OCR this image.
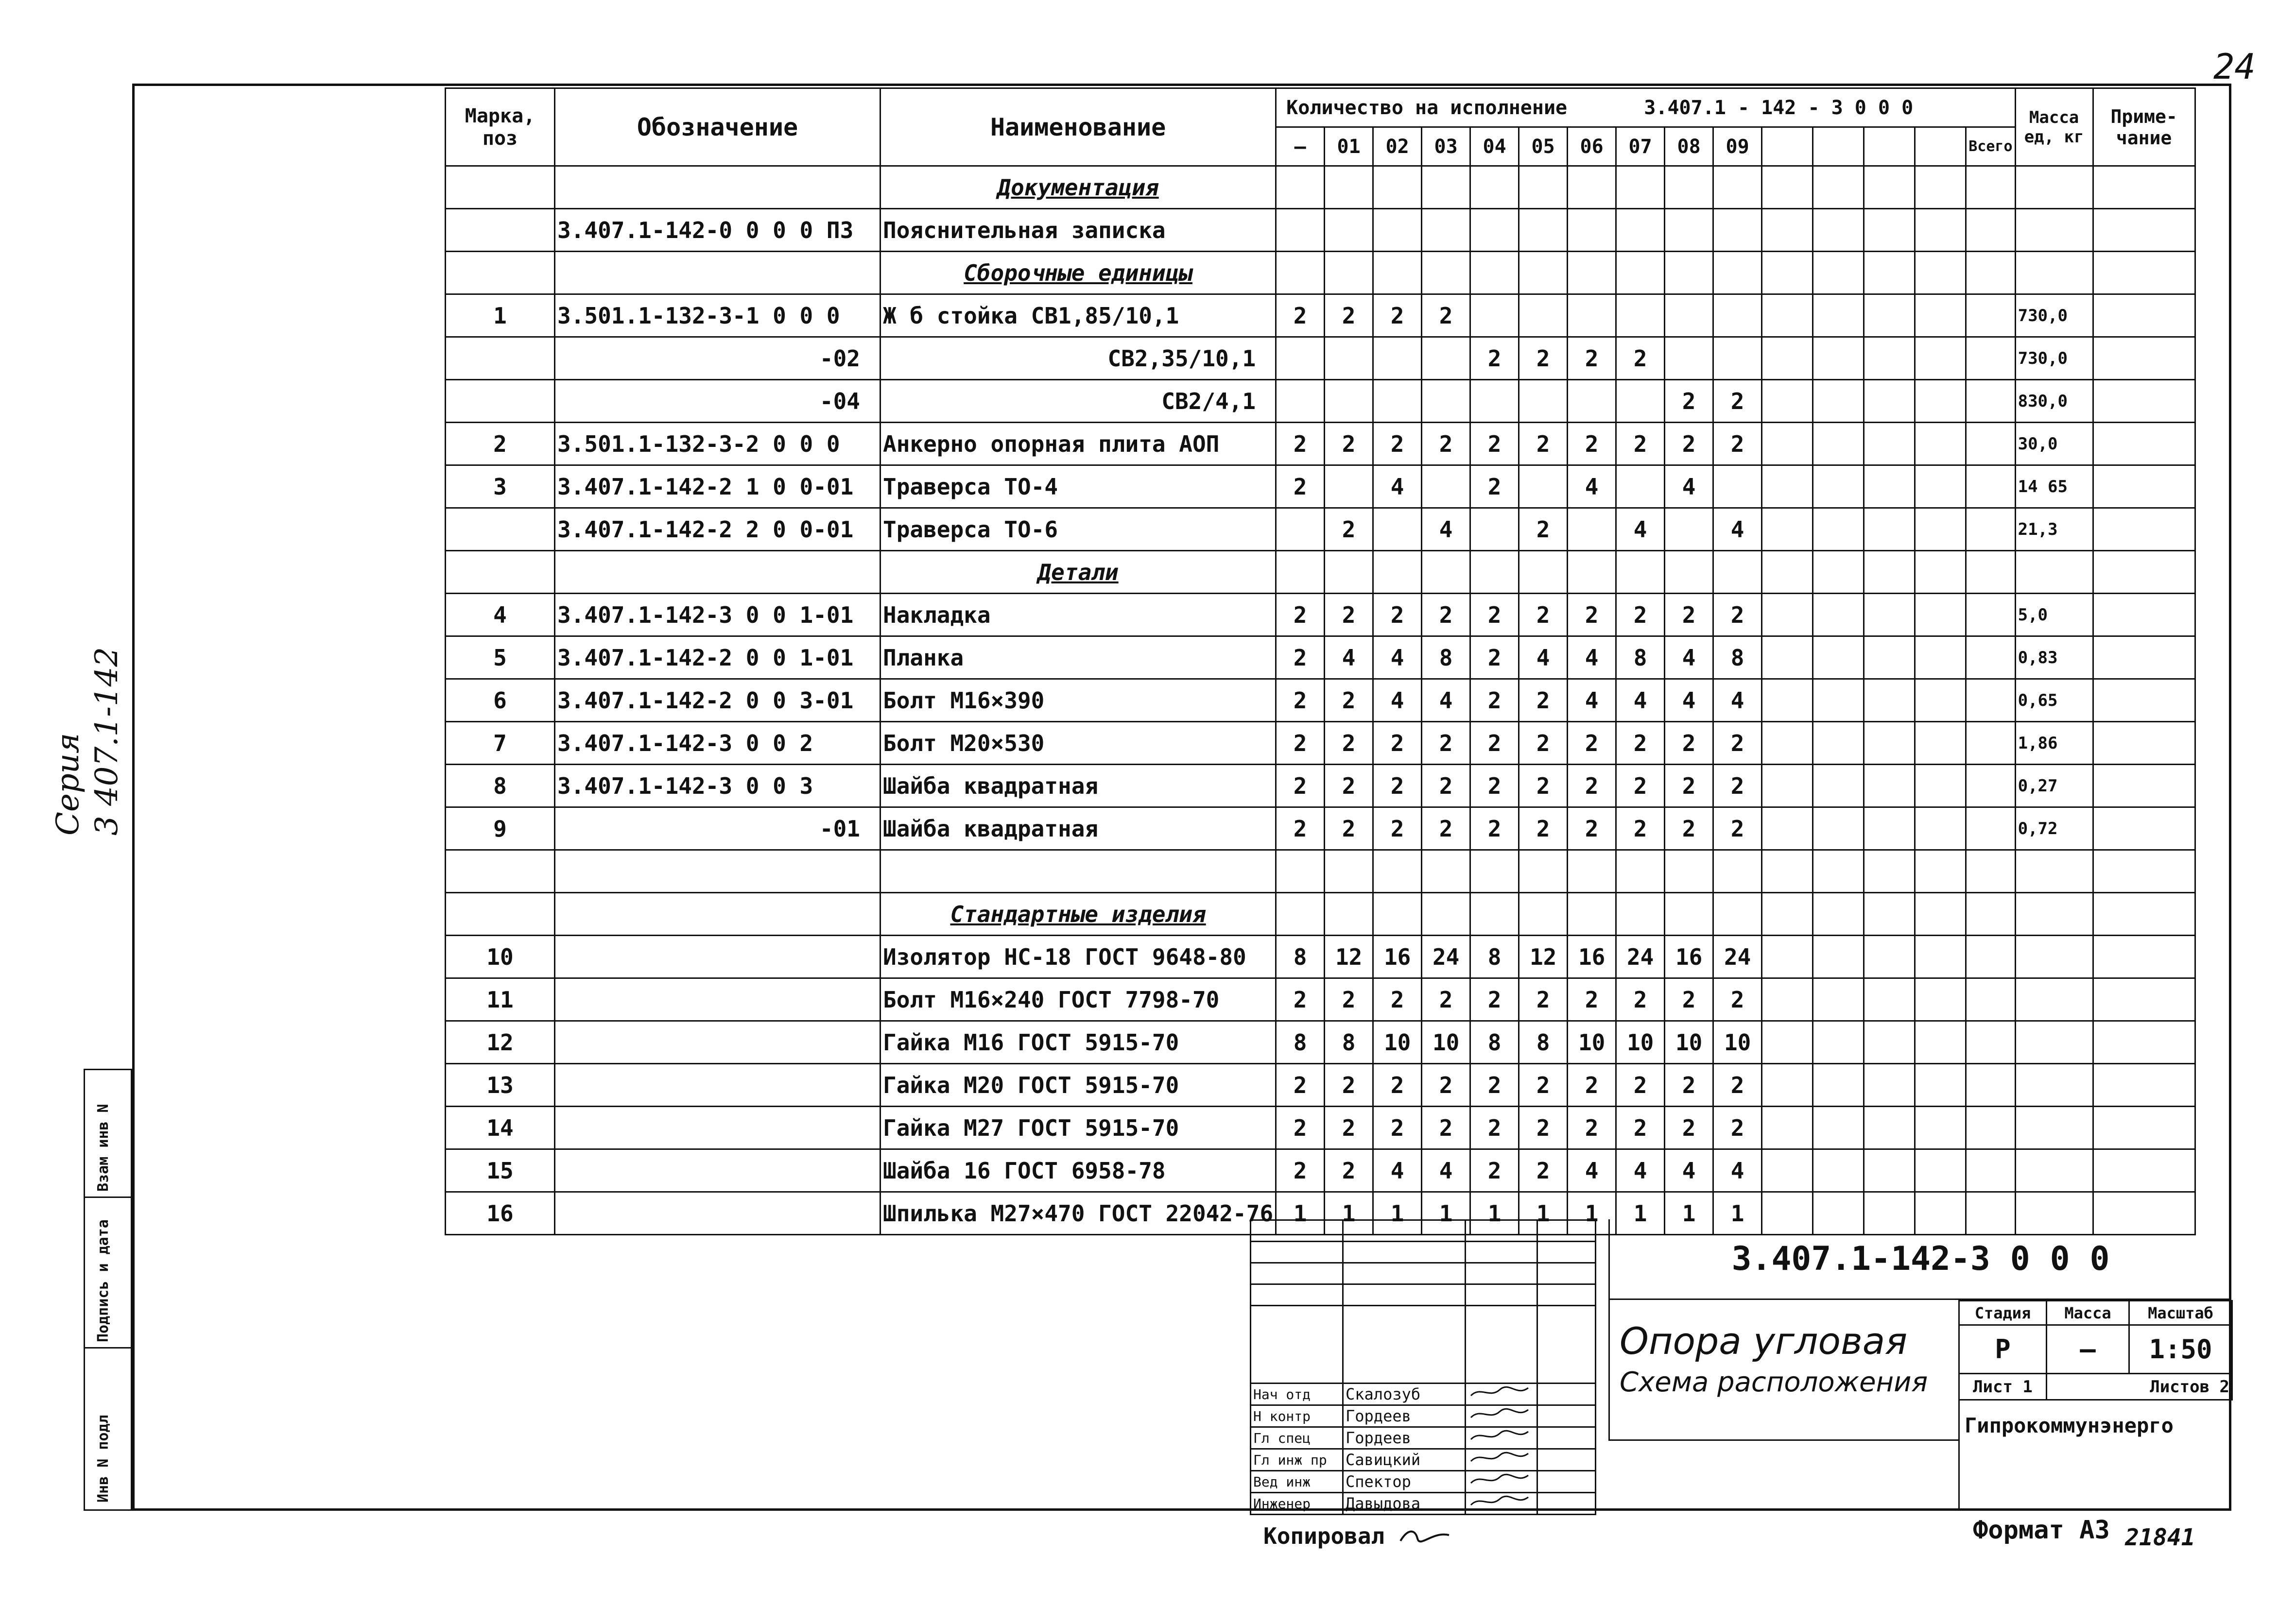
24
Серия 3 407.1-142
Взам инв N
Подпись и дата
Инв N подл
Марка, поз	Обозначение	Наименование	Количество на исполнение 3.407.1 - 142 - 3 0 0 0															Масса ед, кг	Приме-чание
			—	01	02	03	04	05	06	07	08	09					Всего		
		Документация																	
	3.407.1-142-0 0 0 0 ПЗ	Пояснительная записка																	
		Сборочные единицы																	
1	3.501.1-132-3-1 0 0 0	Ж б стойка СВ1,85/10,1	2	2	2	2												730,0	
	-02	СВ2,35/10,1					2	2	2	2								730,0	
	-04	СВ2/4,1									2	2						830,0	
2	3.501.1-132-3-2 0 0 0	Анкерно опорная плита АОП	2	2	2	2	2	2	2	2	2	2						30,0	
3	3.407.1-142-2 1 0 0-01	Траверса ТО-4	2		4		2		4		4							14 65	
	3.407.1-142-2 2 0 0-01	Траверса ТО-6		2		4		2		4		4						21,3	
		Детали																	
4	3.407.1-142-3 0 0 1-01	Накладка	2	2	2	2	2	2	2	2	2	2						5,0	
5	3.407.1-142-2 0 0 1-01	Планка	2	4	4	8	2	4	4	8	4	8						0,83	
6	3.407.1-142-2 0 0 3-01	Болт М16×390	2	2	4	4	2	2	4	4	4	4						0,65	
7	3.407.1-142-3 0 0 2	Болт М20×530	2	2	2	2	2	2	2	2	2	2						1,86	
8	3.407.1-142-3 0 0 3	Шайба квадратная	2	2	2	2	2	2	2	2	2	2						0,27	
9	-01	Шайба квадратная	2	2	2	2	2	2	2	2	2	2						0,72	

		Стандартные изделия																	
10		Изолятор НС-18 ГОСТ 9648-80	8	12	16	24	8	12	16	24	16	24							
11		Болт М16×240 ГОСТ 7798-70	2	2	2	2	2	2	2	2	2	2							
12		Гайка М16 ГОСТ 5915-70	8	8	10	10	8	8	10	10	10	10							
13		Гайка М20 ГОСТ 5915-70	2	2	2	2	2	2	2	2	2	2							
14		Гайка М27 ГОСТ 5915-70	2	2	2	2	2	2	2	2	2	2							
15		Шайба 16 ГОСТ 6958-78	2	2	4	4	2	2	4	4	4	4							
16		Шпилька М27×470 ГОСТ 22042-76	1	1	1	1	1	1	1	1	1	1							

Нач отд	Скалозуб		
Н контр	Гордеев		
Гл спец	Гордеев		
Гл инж пр	Савицкий		
Вед инж	Спектор		
Инженер	Давыдова		
3.407.1-142-3 0 0 0
Опора угловая
Схема расположения
Стадия	Масса	Масштаб
Р	—	1:50
Лист 1	Листов 2	
Гипрокоммунэнерго
Копировал	Формат А3 21841
